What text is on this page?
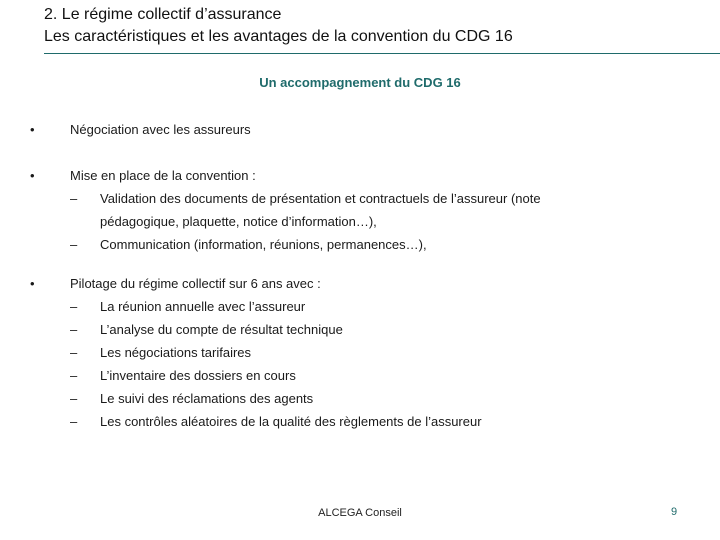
2. Le régime collectif d’assurance
Les caractéristiques et les avantages de la convention du CDG 16
Un accompagnement du CDG 16
•	Négociation avec les assureurs
•	Mise en place de la convention :
–	Validation des documents de présentation et contractuels de l’assureur (note pédagogique, plaquette, notice d’information…),
–	Communication (information, réunions, permanences…),
•	Pilotage du régime collectif sur 6 ans avec :
–	La réunion annuelle avec l’assureur
–	L’analyse du compte de résultat technique
–	Les négociations tarifaires
–	L’inventaire des dossiers en cours
–	Le suivi des réclamations des agents
–	Les contrôles aléatoires de la qualité des règlements de l’assureur
ALCEGA Conseil	9
